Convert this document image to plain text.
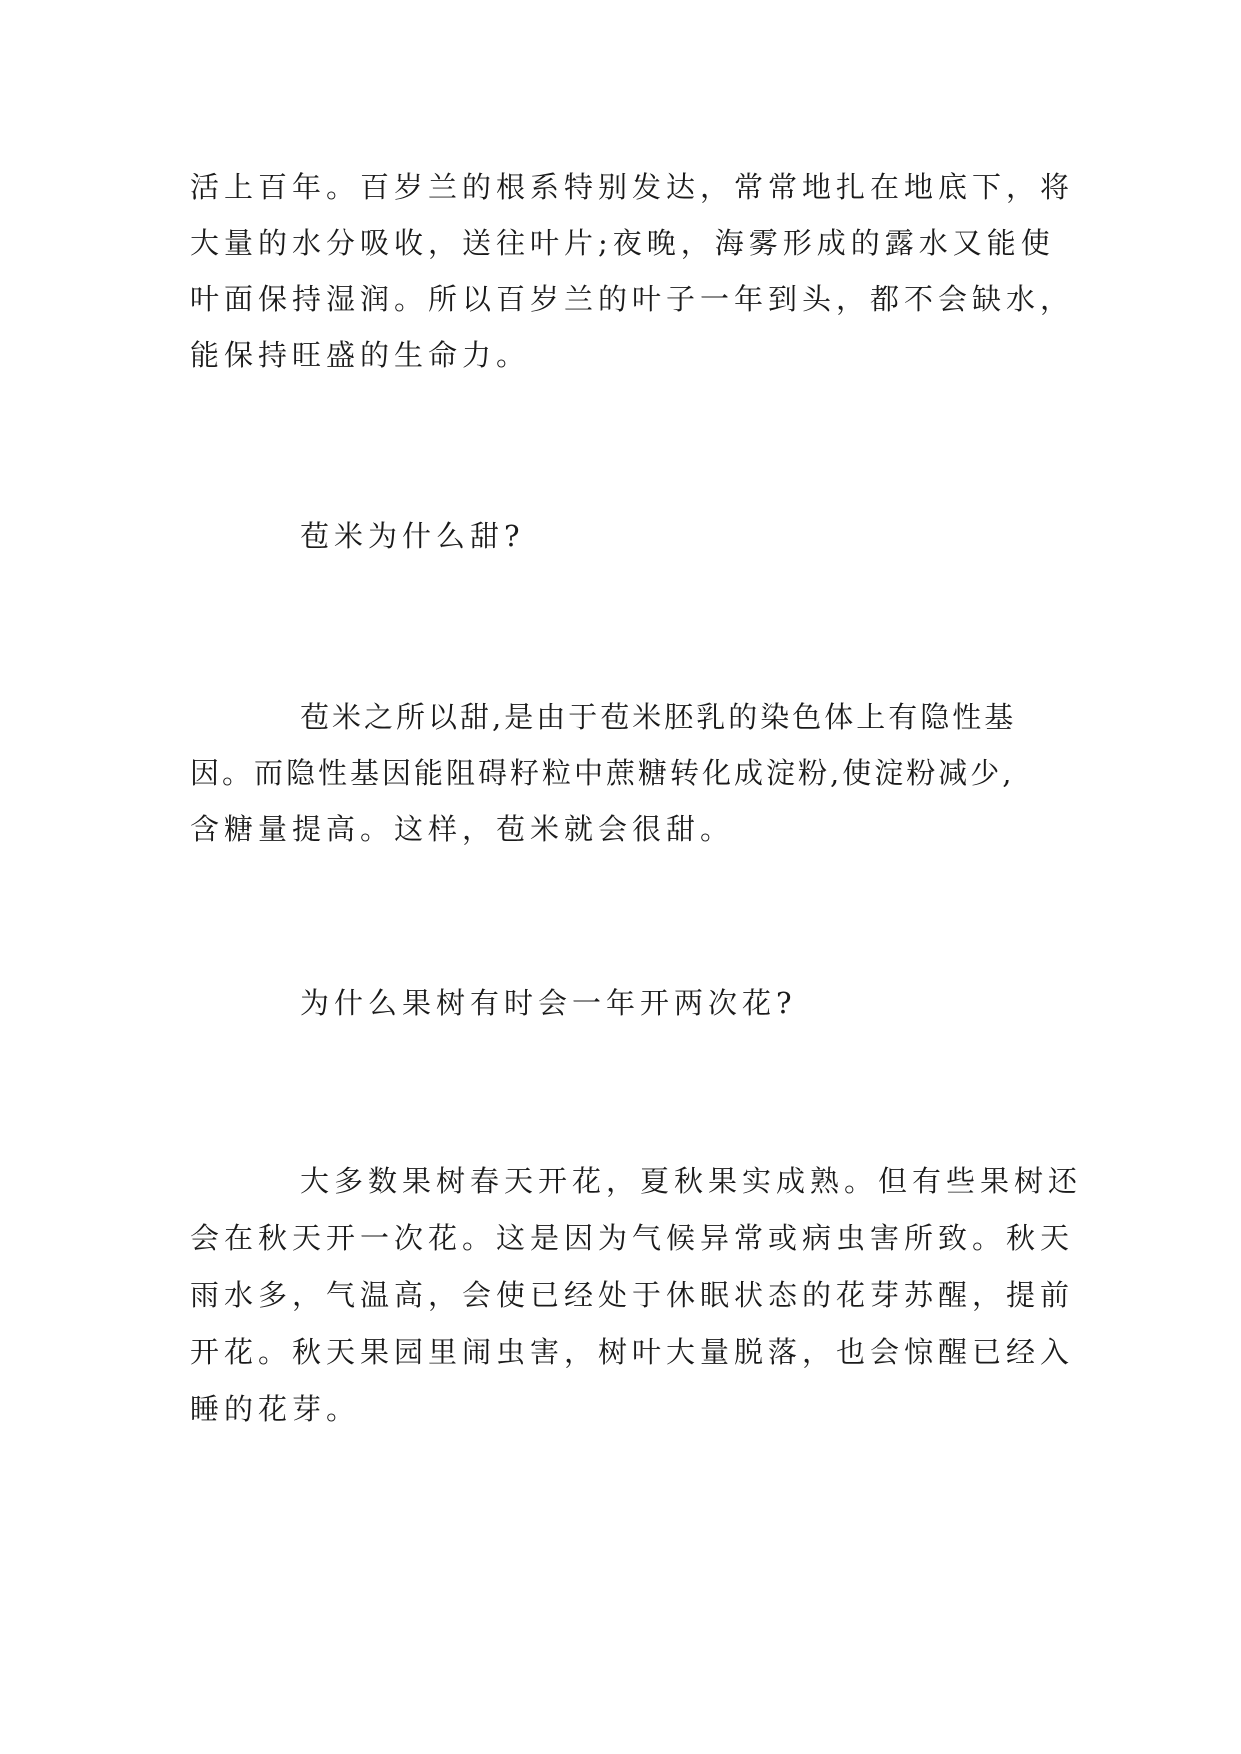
活上百年。百岁兰的根系特别发达，常常地扎在地底下，将
大量的水分吸收，送往叶片;夜晚，海雾形成的露水又能使
叶面保持湿润。所以百岁兰的叶子一年到头，都不会缺水，
能保持旺盛的生命力。
苞米为什么甜?
苞米之所以甜,是由于苞米胚乳的染色体上有隐性基
因。而隐性基因能阻碍籽粒中蔗糖转化成淀粉,使淀粉减少,
含糖量提高。这样，苞米就会很甜。
为什么果树有时会一年开两次花?
大多数果树春天开花，夏秋果实成熟。但有些果树还
会在秋天开一次花。这是因为气候异常或病虫害所致。秋天
雨水多，气温高，会使已经处于休眠状态的花芽苏醒，提前
开花。秋天果园里闹虫害，树叶大量脱落，也会惊醒已经入
睡的花芽。
